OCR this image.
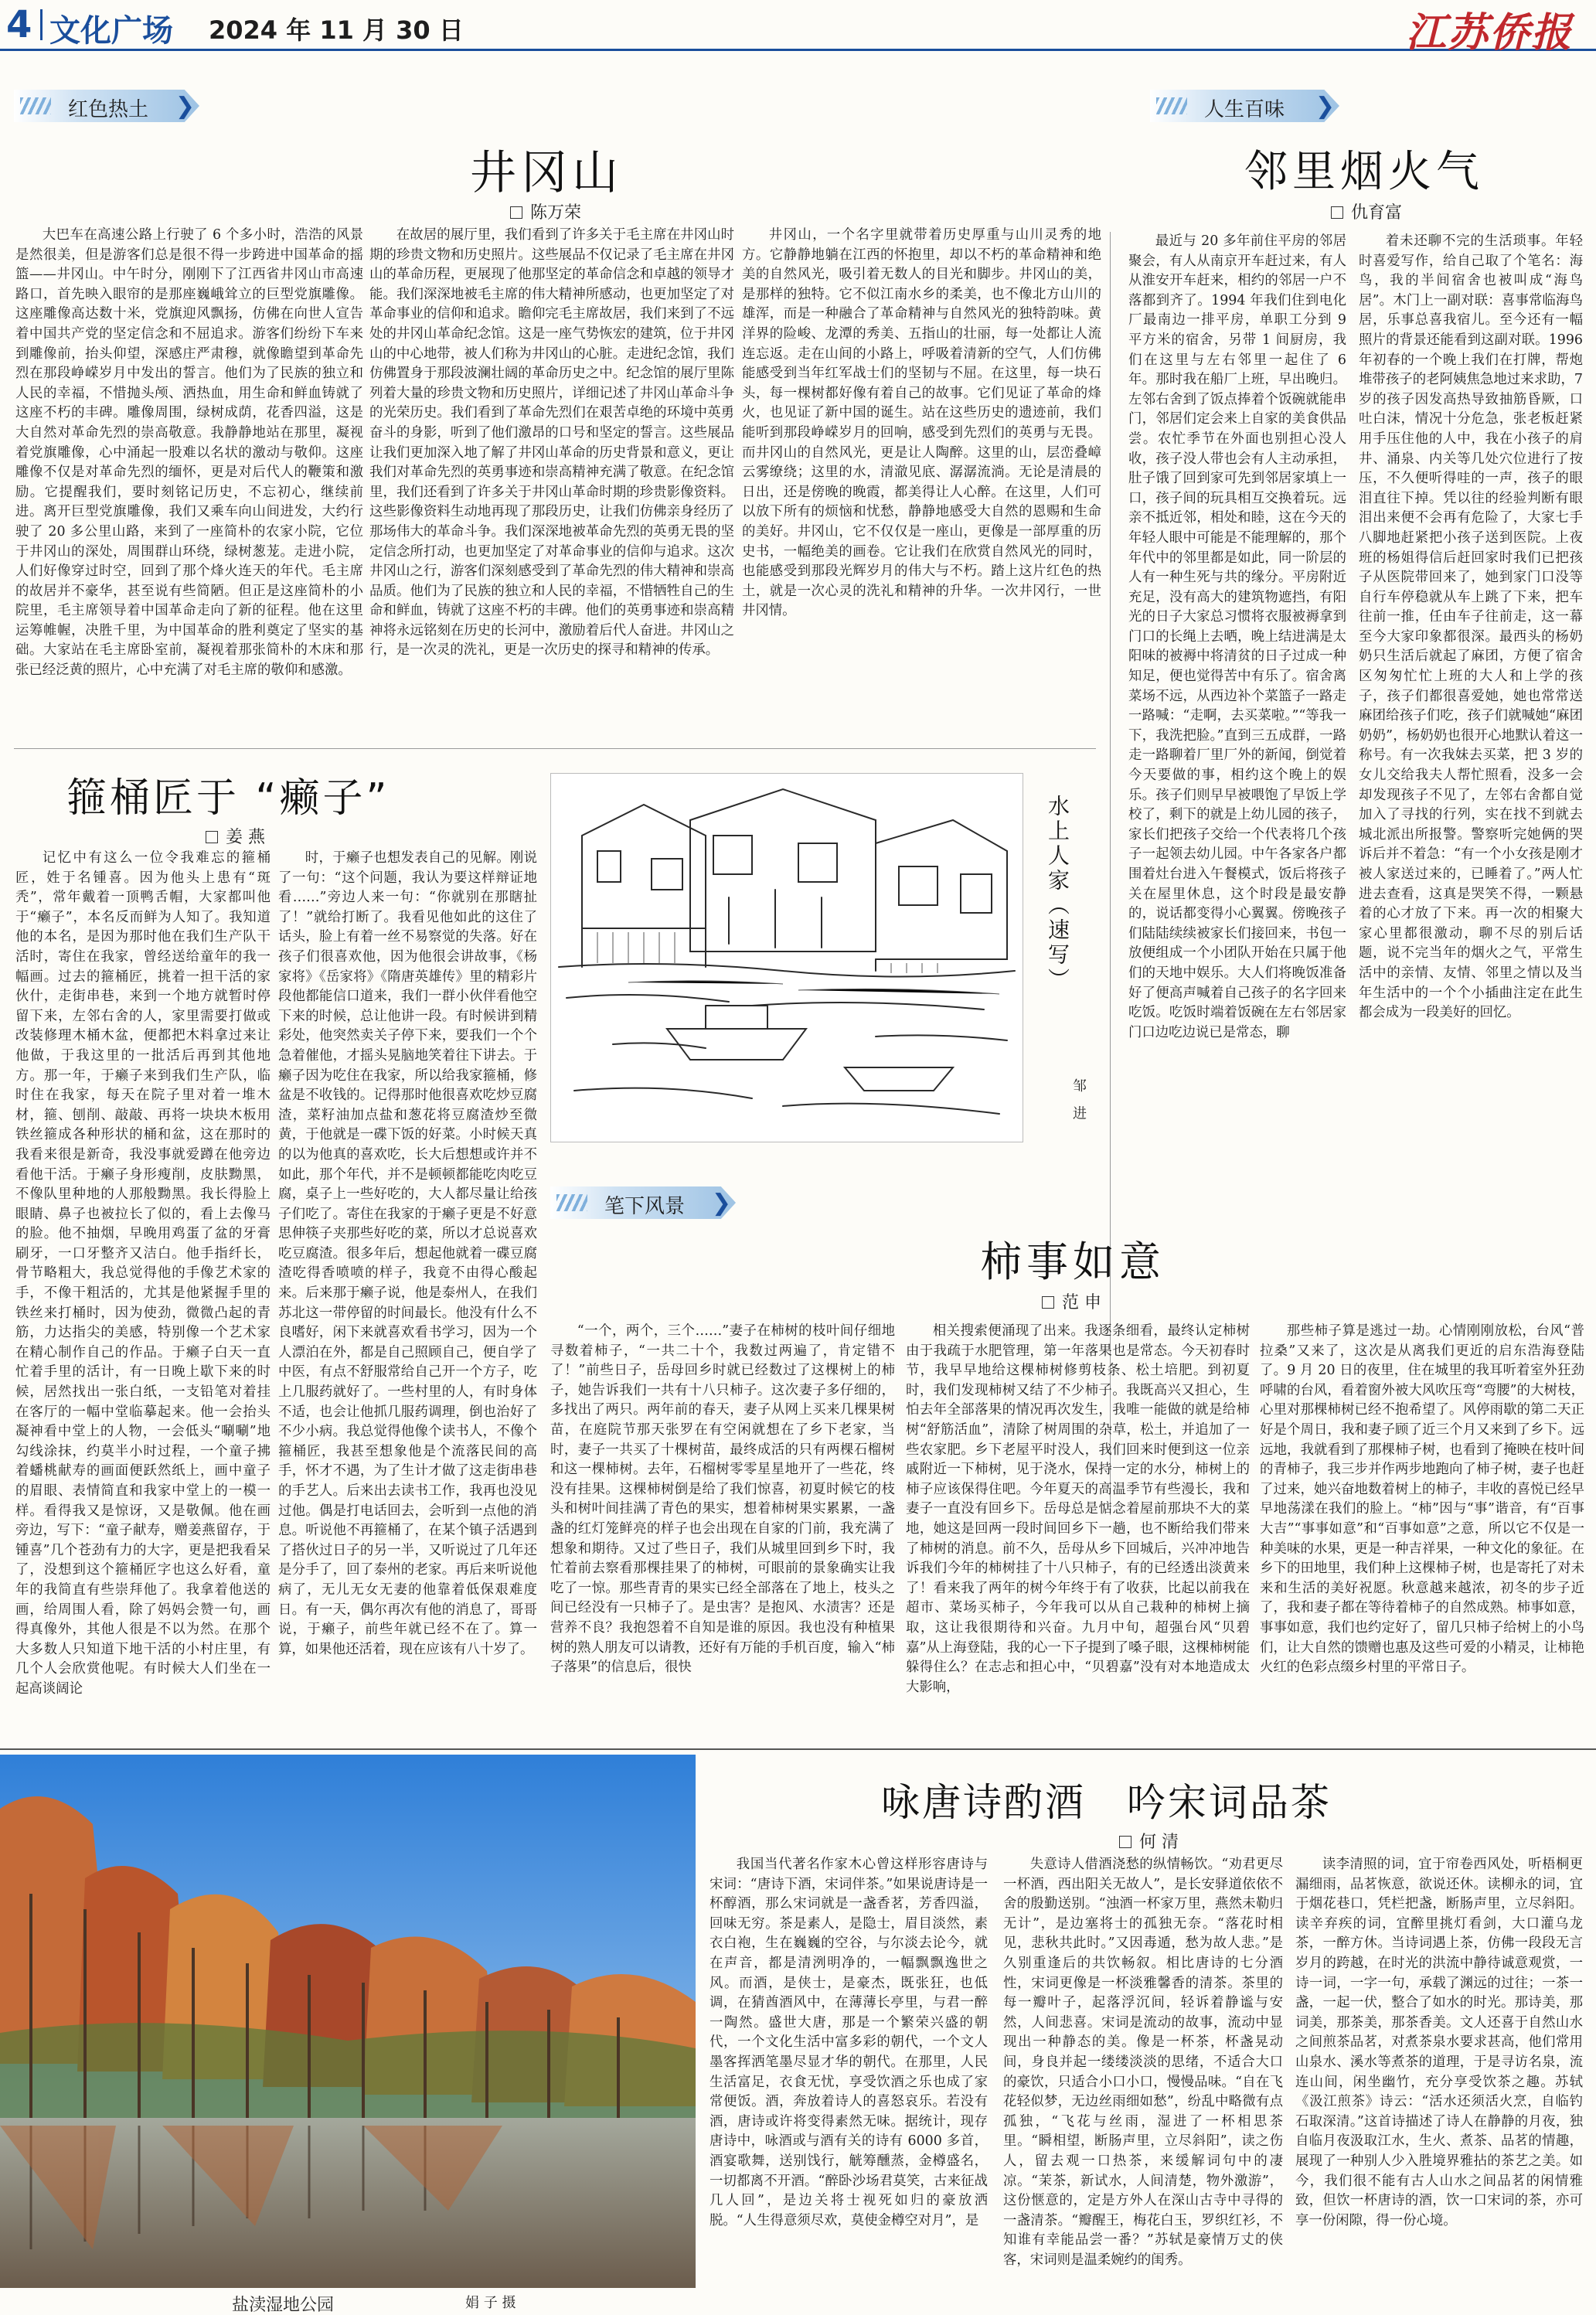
4 文化广场 2024 年 11 月 30 日	江苏侨报
红色热土 ❯
井冈山
陈万荣

大巴车在高速公路上行驶了 6 个多小时，浩浩的风景是然很美，但是游客们总是很不得一步跨进中国革命的摇篮——井冈山。中午时分，刚刚下了江西省井冈山市高速路口，首先映入眼帘的是那座巍峨耸立的巨型党旗雕像。这座雕像高达数十米，党旗迎风飘扬，仿佛在向世人宣告着中国共产党的坚定信念和不屈追求。游客们纷纷下车来到雕像前，抬头仰望，深感庄严肃穆，就像瞻望到革命先烈在那段峥嵘岁月中发出的誓言。他们为了民族的独立和人民的幸福，不惜抛头颅、洒热血，用生命和鲜血铸就了这座不朽的丰碑。雕像周围，绿树成荫，花香四溢，这是大自然对革命先烈的崇高敬意。我静静地站在那里，凝视着党旗雕像，心中涌起一股难以名状的激动与敬仰。这座雕像不仅是对革命先烈的缅怀，更是对后代人的鞭策和激励。它提醒我们，要时刻铭记历史，不忘初心，继续前进。离开巨型党旗雕像，我们又乘车向山间进发，大约行驶了 20 多公里山路，来到了一座简朴的农家小院，它位于井冈山的深处，周围群山环绕，绿树葱茏。走进小院，人们好像穿过时空，回到了那个烽火连天的年代。毛主席的故居并不豪华，甚至说有些简陋。但正是这座简朴的小院里，毛主席领导着中国革命走向了新的征程。他在这里运筹帷幄，决胜千里，为中国革命的胜利奠定了坚实的基础。大家站在毛主席卧室前，凝视着那张简朴的木床和那张已经泛黄的照片，心中充满了对毛主席的敬仰和感激。

在故居的展厅里，我们看到了许多关于毛主席在井冈山时期的珍贵文物和历史照片。这些展品不仅记录了毛主席在井冈山的革命历程，更展现了他那坚定的革命信念和卓越的领导才能。我们深深地被毛主席的伟大精神所感动，也更加坚定了对革命事业的信仰和追求。瞻仰完毛主席故居，我们来到了不远处的井冈山革命纪念馆。这是一座气势恢宏的建筑，位于井冈山的中心地带，被人们称为井冈山的心脏。走进纪念馆，我们仿佛置身于那段波澜壮阔的革命历史之中。纪念馆的展厅里陈列着大量的珍贵文物和历史照片，详细记述了井冈山革命斗争的光荣历史。我们看到了革命先烈们在艰苦卓绝的环境中英勇奋斗的身影，听到了他们激昂的口号和坚定的誓言。这些展品让我们更加深入地了解了井冈山革命的历史背景和意义，更让我们对革命先烈的英勇事迹和崇高精神充满了敬意。在纪念馆里，我们还看到了许多关于井冈山革命时期的珍贵影像资料。这些影像资料生动地再现了那段历史，让我们仿佛亲身经历了那场伟大的革命斗争。我们深深地被革命先烈的英勇无畏的坚定信念所打动，也更加坚定了对革命事业的信仰与追求。这次井冈山之行，游客们深刻感受到了革命先烈的伟大精神和崇高品质。他们为了民族的独立和人民的幸福，不惜牺牲自己的生命和鲜血，铸就了这座不朽的丰碑。他们的英勇事迹和崇高精神将永远铭刻在历史的长河中，激励着后代人奋进。井冈山之行，是一次灵的洗礼，更是一次历史的探寻和精神的传承。

井冈山，一个名字里就带着历史厚重与山川灵秀的地方。它静静地躺在江西的怀抱里，却以不朽的革命精神和绝美的自然风光，吸引着无数人的目光和脚步。井冈山的美，是那样的独特。它不似江南水乡的柔美，也不像北方山川的雄浑，而是一种融合了革命精神与自然风光的独特韵味。黄洋界的险峻、龙潭的秀美、五指山的壮丽，每一处都让人流连忘返。走在山间的小路上，呼吸着清新的空气，人们仿佛能感受到当年红军战士们的坚韧与不屈。在这里，每一块石头，每一棵树都好像有着自己的故事。它们见证了革命的烽火，也见证了新中国的诞生。站在这些历史的遗迹前，我们能听到那段峥嵘岁月的回响，感受到先烈们的英勇与无畏。而井冈山的自然风光，更是让人陶醉。这里的山，层峦叠嶂云雾缭绕；这里的水，清澈见底、潺潺流淌。无论是清晨的日出，还是傍晚的晚霞，都美得让人心醉。在这里，人们可以放下所有的烦恼和忧愁，静静地感受大自然的恩赐和生命的美好。井冈山，它不仅仅是一座山，更像是一部厚重的历史书，一幅绝美的画卷。它让我们在欣赏自然风光的同时，也能感受到那段光辉岁月的伟大与不朽。踏上这片红色的热土，就是一次心灵的洗礼和精神的升华。一次井冈行，一世井冈情。

人生百味 ❯
邻里烟火气
仇育富

最近与 20 多年前住平房的邻居聚会，有人从南京开车赶过来，有人从淮安开车赶来，相约的邻居一户不落都到齐了。1994 年我们住到电化厂最南边一排平房，单职工分到 9 平方米的宿舍，另带 1 间厨房，我们在这里与左右邻里一起住了 6 年。那时我在船厂上班，早出晚归。左邻右舍到了饭点捧着个饭碗就能串门，邻居们定会来上自家的美食供品尝。农忙季节在外面也别担心没人收，孩子没人带也会有人主动承担，肚子饿了回到家可先到邻居家填上一口，孩子间的玩具相互交换着玩。远亲不抵近邻，相处和睦，这在今天的年轻人眼中可能是不能理解的，那个年代中的邻里都是如此，同一阶层的人有一种生死与共的缘分。平房附近充足，没有高大的建筑物遮挡，有阳光的日子大家总习惯将衣服被褥拿到门口的长绳上去晒，晚上结进满是太阳味的被褥中将清贫的日子过成一种知足，便也觉得苦中有乐了。宿舍离菜场不远，从西边补个菜篮子一路走一路喊：“走啊，去买菜啦。”“等我一下，我洗把脸。”直到三五成群，一路走一路聊着厂里厂外的新闻，倒觉着今天要做的事，相约这个晚上的娱乐。孩子们则早早被喂饱了早饭上学校了，剩下的就是上幼儿园的孩子，家长们把孩子交给一个代表将几个孩子一起领去幼儿园。中午各家各户都围着灶台进入午餐模式，饭后将孩子关在屋里休息，这个时段是最安静的，说话都变得小心翼翼。傍晚孩子们陆陆续续被家长们接回来，书包一放便组成一个小团队开始在只属于他们的天地中娱乐。大人们将晚饭准备好了便高声喊着自己孩子的名字回来吃饭。吃饭时端着饭碗在左右邻居家门口边吃边说已是常态，聊

着未还聊不完的生活琐事。年轻时喜爱写作，给自己取了个笔名：海鸟，我的半间宿舍也被叫成“海鸟居”。木门上一副对联：喜事常临海鸟居，乐事总喜我宿儿。至今还有一幅照片的背景还能看到这副对联。1996 年初春的一个晚上我们在打牌，帮炮堆带孩子的老阿姨焦急地过来求助，7 岁的孩子因发高热导致抽筋昏厥，口吐白沫，情况十分危急，张老板赶紧用手压住他的人中，我在小孩子的肩井、涌泉、内关等几处穴位进行了按压，不久便听得哇的一声，孩子的眼泪直往下掉。凭以往的经验判断有眼泪出来便不会再有危险了，大家七手八脚地赶紧把小孩子送到医院。上夜班的杨姐得信后赶回家时我们已把孩子从医院带回来了，她到家门口没等自行车停稳就从车上跳了下来，把车往前一推，任由车子往前走，这一幕至今大家印象都很深。最西头的杨奶奶只生活后就起了麻团，方便了宿舍区匆匆忙忙上班的大人和上学的孩子，孩子们都很喜爱她，她也常常送麻团给孩子们吃，孩子们就喊她“麻团奶奶”，杨奶奶也很开心地默认着这一称号。有一次我妹去买菜，把 3 岁的女儿交给我夫人帮忙照看，没多一会却发现孩子不见了，左邻右舍都自觉加入了寻找的行列，实在找不到就去城北派出所报警。警察听完她俩的哭诉后并不着急：“有一个小女孩是刚才被人家送过来的，已睡着了。”两人忙进去查看，这真是哭笑不得，一颗悬着的心才放了下来。再一次的相聚大家心里都很激动，聊不尽的别后话题，说不完当年的烟火之气，平常生活中的亲情、友情、邻里之情以及当年生活中的一个个小插曲注定在此生都会成为一段美好的回忆。

箍桶匠于 “癞子”
姜 燕

记忆中有这么一位令我难忘的箍桶匠，姓于名锺喜。因为他头上患有“斑秃”，常年戴着一顶鸭舌帽，大家都叫他于“癞子”，本名反而鲜为人知了。我知道他的本名，是因为那时他在我们生产队干活时，寄住在我家，曾经送给童年的我一幅画。过去的箍桶匠，挑着一担干活的家伙什，走街串巷，来到一个地方就暂时停留下来，左邻右舍的人，家里需要打做或改装修理木桶木盆，便都把木料拿过来让他做，于我这里的一批活后再到其他地方。那一年，于癞子来到我们生产队，临时住在我家，每天在院子里对着一堆木材，箍、刨削、敲敲、再将一块块木板用铁丝箍成各种形状的桶和盆，这在那时的我看来很是新奇，我没事就爱蹲在他旁边看他干活。于癞子身形瘦削，皮肤黝黑，不像队里种地的人那般黝黑。我长得脸上眼睛、鼻子也被拉长了似的，看上去像马的脸。他不抽烟，早晚用鸡蛋了盆的牙膏刷牙，一口牙整齐又洁白。他手指纤长，骨节略粗大，我总觉得他的手像艺术家的手，不像干粗活的，尤其是他紧握手里的铁丝来打桶时，因为使劲，微微凸起的青筋，力达指尖的美感，特别像一个艺术家在精心制作自己的作品。于癞子白天一直忙着手里的活计，有一日晚上歇下来的时候，居然找出一张白纸，一支铅笔对着挂在客厅的一幅中堂临摹起来。他一会抬头凝神看中堂上的人物，一会低头“唰唰”地勾线涂抹，约莫半小时过程，一个童子拂着蟠桃献寿的画面便跃然纸上，画中童子的眉眼、表情简直和我家中堂上的一模一样。看得我又是惊讶，又是敬佩。他在画旁边，写下：“童子献寿，赠姜燕留存，于锺喜”几个苍劲有力的大字，更是把我看呆了，没想到这个箍桶匠字也这么好看，童年的我简直有些崇拜他了。我拿着他送的画，给周围人看，除了妈妈会赞一句，画得真像外，其他人很是不以为然。在那个大多数人只知道下地干活的小村庄里，有几个人会欣赏他呢。有时候大人们坐在一起高谈阔论

时，于癞子也想发表自己的见解。刚说了一句：“这个问题，我认为要这样辩证地看……”旁边人来一句：“你就别在那瞎扯了！”就给打断了。我看见他如此的这住了话头，脸上有着一丝不易察觉的失落。好在孩子们很喜欢他，因为他很会讲故事，《杨家将》《岳家将》《隋唐英雄传》里的精彩片段他都能信口道来，我们一群小伙伴看他空下来的时候，总让他讲一段。有时候讲到精彩处，他突然卖关子停下来，要我们一个个急着催他，才摇头晃脑地笑着往下讲去。于癞子因为吃住在我家，所以给我家箍桶，修盆是不收钱的。记得那时他很喜欢吃炒豆腐渣，菜籽油加点盐和葱花将豆腐渣炒至微黄，于他就是一碟下饭的好菜。小时候天真的以为他真的喜欢吃，长大后想想或许并不如此，那个年代，并不是顿顿都能吃肉吃豆腐，桌子上一些好吃的，大人都尽量让给孩子们吃了。寄住在我家的于癞子更是不好意思伸筷子夹那些好吃的菜，所以才总说喜欢吃豆腐渣。很多年后，想起他就着一碟豆腐渣吃得香喷喷的样子，我竟不由得心酸起来。后来那于癞子说，他是泰州人，在我们苏北这一带停留的时间最长。他没有什么不良嗜好，闲下来就喜欢看书学习，因为一个人漂泊在外，都是自己照顾自己，便自学了中医，有点不舒服常给自己开一个方子，吃上几服药就好了。一些村里的人，有时身体不适，也会让他抓几服药调理，倒也治好了不少小病。我总觉得他像个读书人，不像个箍桶匠，我甚至想象他是个流落民间的高手，怀才不遇，为了生计才做了这走街串巷的手艺人。后来出去读书工作，我再也没见过他。偶是打电话回去，会听到一点他的消息。听说他不再箍桶了，在某个镇子活遇到了搭伙过日子的另一半，又听说过了几年还是分手了，回了泰州的老家。再后来听说他病了，无儿无女无妻的他靠着低保艰难度日。有一天，偶尔再次有他的消息了，哥哥说，于癞子，前些年就已经不在了。算一算，如果他还活着，现在应该有八十岁了。

水上人家（速写）
邹 进
笔下风景 ❯
柿事如意
范 申

“一个，两个，三个……”妻子在柿树的枝叶间仔细地寻数着柿子，“一共二十个，我数过两遍了，肯定错不了！”前些日子，岳母回乡时就已经数过了这棵树上的柿子，她告诉我们一共有十八只柿子。这次妻子多仔细的，多找出了两只。两年前的春天，妻子从网上买来几棵果树苗，在庭院节那天张罗在有空闲就想在了乡下老家，当时，妻子一共买了十棵树苗，最终成活的只有两棵石榴树和这一棵柿树。去年，石榴树零零星星地开了一些花，终没有挂果。这棵柿树倒是给了我们惊喜，初夏时候它的枝头和树叶间挂满了青色的果实，想着柿树果实累累，一盏盏的红灯笼鲜亮的样子也会出现在自家的门前，我充满了想象和期待。又过了些日子，我们从城里回到乡下时，我忙着前去察看那棵挂果了的柿树，可眼前的景象确实让我吃了一惊。那些青青的果实已经全部落在了地上，枝头之间已经没有一只柿子了。是虫害？是抱风、水渍害？还是营养不良？我抱怨着不自知是谁的原因。我也没有种植果树的熟人朋友可以请教，还好有万能的手机百度，输入“柿子落果”的信息后，很快

相关搜索便涌现了出来。我逐条细看，最终认定柿树由于我疏于水肥管理，第一年落果也是常态。今天初春时节，我早早地给这棵柿树修剪枝条、松土培肥。到初夏时，我们发现柿树又结了不少柿子。我既高兴又担心，生怕去年全部落果的情况再次发生，我唯一能做的就是给柿树“舒筋活血”，清除了树周围的杂草，松土，并追加了一些农家肥。乡下老屋平时没人，我们回来时便到这一位亲戚附近一下柿树，见于浇水，保持一定的水分，柿树上的柿子应该保得住吧。今年夏天的高温季节有些漫长，我和妻子一直没有回乡下。岳母总是惦念着屋前那块不大的菜地，她这是回两一段时间回乡下一趟，也不断给我们带来了柿树的消息。前不久，岳母从乡下回城后，兴冲冲地告诉我们今年的柿树挂了十八只柿子，有的已经透出淡黄来了！看来我了两年的树今年终于有了收获，比起以前我在超市、菜场买柿子，今年我可以从自己栽种的柿树上摘取，这让我很期待和兴奋。九月中旬，超强台风“贝碧嘉”从上海登陆，我的心一下子提到了嗓子眼，这棵柿树能躲得住么？在志忐和担心中，“贝碧嘉”没有对本地造成太大影响，

那些柿子算是逃过一劫。心情刚刚放松，台风“普拉桑”又来了，这次是从离我们更近的启东浩海登陆了。9 月 20 日的夜里，住在城里的我耳听着室外狂劲呼啸的台风，看着窗外被大风吹压弯“弯腰”的大树枝，心里对那棵柿树已经不抱希望了。风停雨歇的第二天正好是个周日，我和妻子顾了近三个月又来到了乡下。远远地，我就看到了那棵柿子树，也看到了掩映在枝叶间的青柿子，我三步并作两步地跑向了柿子树，妻子也赶了过来，她兴奋地数着树上的柿子，丰收的喜悦已经早早地荡漾在我们的脸上。“柿”因与“事”谐音，有“百事大吉”“事事如意”和“百事如意”之意，所以它不仅是一种美味的水果，更是一种吉祥果，一种文化的象征。在乡下的田地里，我们种上这棵柿子树，也是寄托了对未来和生活的美好祝愿。秋意越来越浓，初冬的步子近了，我和妻子都在等待着柿子的自然成熟。柿事如意，事事如意，我们也约定好了，留几只柿子给树上的小鸟们，让大自然的馈赠也惠及这些可爱的小精灵，让柿艳火红的色彩点缀乡村里的平常日子。

盐渎湿地公园	娟 子 摄
咏唐诗酌酒　吟宋词品茶
何 清

我国当代著名作家木心曾这样形容唐诗与宋词：“唐诗下酒，宋词伴茶。”如果说唐诗是一杯醇酒，那么宋词就是一盏香茗，芳香四溢，回味无穷。茶是素人，是隐士，眉目淡然，素衣白袍，生在巍巍的空谷，与尔淡去论今，就在声音，都是清洌明净的，一幅飘飘逸世之风。而酒，是侠士，是豪杰，既张狂，也低调，在猜酋酒风中，在薄薄长亭里，与君一醉一陶然。盛世大唐，那是一个繁荣兴盛的朝代，一个文化生活中富多彩的朝代，一个文人墨客挥洒笔墨尽显才华的朝代。在那里，人民生活富足，衣食无忧，享受饮酒之乐也成了家常便饭。酒，奔放着诗人的喜怒哀乐。若没有酒，唐诗或许将变得素然无味。据统计，现存唐诗中，咏酒或与酒有关的诗有 6000 多首，酒宴歌舞，送别饯行，觥筹醺蒸，金樽盛名，一切都离不开酒。“醉卧沙场君莫笑，古来征战几人回”，是边关将士视死如归的豪放洒脱。“人生得意须尽欢，莫使金樽空对月”，是

失意诗人借酒浇愁的纵情畅饮。“劝君更尽一杯酒，西出阳关无故人”，是长安驿道依依不舍的殷勤送别。“浊酒一杯家万里，燕然未勒归无计”，是边塞将士的孤独无奈。“落花时相见，悲秋共此时。”又因毒遁，愁为故人悲。”是久别重逢后的共饮畅叙。相比唐诗的七分酒性，宋词更像是一杯淡雅馨香的清茶。茶里的每一瓣叶子，起落浮沉间，轻诉着静谧与安然，人间悲喜。宋词是流动的故事，流动中显现出一种静态的美。像是一杯茶，杯盏晃动间，身良并起一缕缕淡淡的思绪，不适合大口的豪饮，只适合小口小口，慢慢品味。“自在飞花轻似梦，无边丝雨细如愁”，纷乱中略微有点孤独，“飞花与丝雨，湿进了一杯相思茶里。“瞬相望，断肠声里，立尽斜阳”，读之伤人，留去观一口热茶，来缓解词句中的凄凉。“茉茶，新试水，人间清楚，物外激游”，这份惬意的，定是方外人在深山古寺中寻得的一盏清茶。“瓣醒王，梅花白玉，罗织红衫，不知谁有幸能品尝一番？”苏轼是豪情万丈的侠客，宋词则是温柔婉约的闺秀。

读李清照的词，宜于帘卷西风处，听梧桐更漏细雨，品茗恢意，欲说还休。读柳永的词，宜于烟花巷口，凭栏把盏，断肠声里，立尽斜阳。读辛弃疾的词，宜醉里挑灯看剑，大口灌乌龙茶，一醉方休。当诗词遇上茶，仿佛一段段无言岁月的跨越，在时光的洪流中静待诚意观赏，一诗一词，一字一句，承载了渊远的过往；一茶一盏，一起一伏，整合了如水的时光。那诗美，那词美，那茶美，那茶香美。文人还喜于自然山水之间煎茶品茗，对煮茶泉水要求甚高，他们常用山泉水、溪水等煮茶的道理，于是寻访名泉，流连山间，闲坐幽竹，充分享受饮茶之趣。苏轼《汲江煎茶》诗云：“活水还须活火烹，自临钓石取深清。”这首诗描述了诗人在静静的月夜，独自临月夜汲取江水，生火、煮茶、品茗的情趣，展现了一种别人少入胜境界雅拈的茶艺之美。如今，我们很不能有古人山水之间品茗的闲情雅致，但饮一杯唐诗的酒，饮一口宋词的茶，亦可享一份闲隙，得一份心境。
